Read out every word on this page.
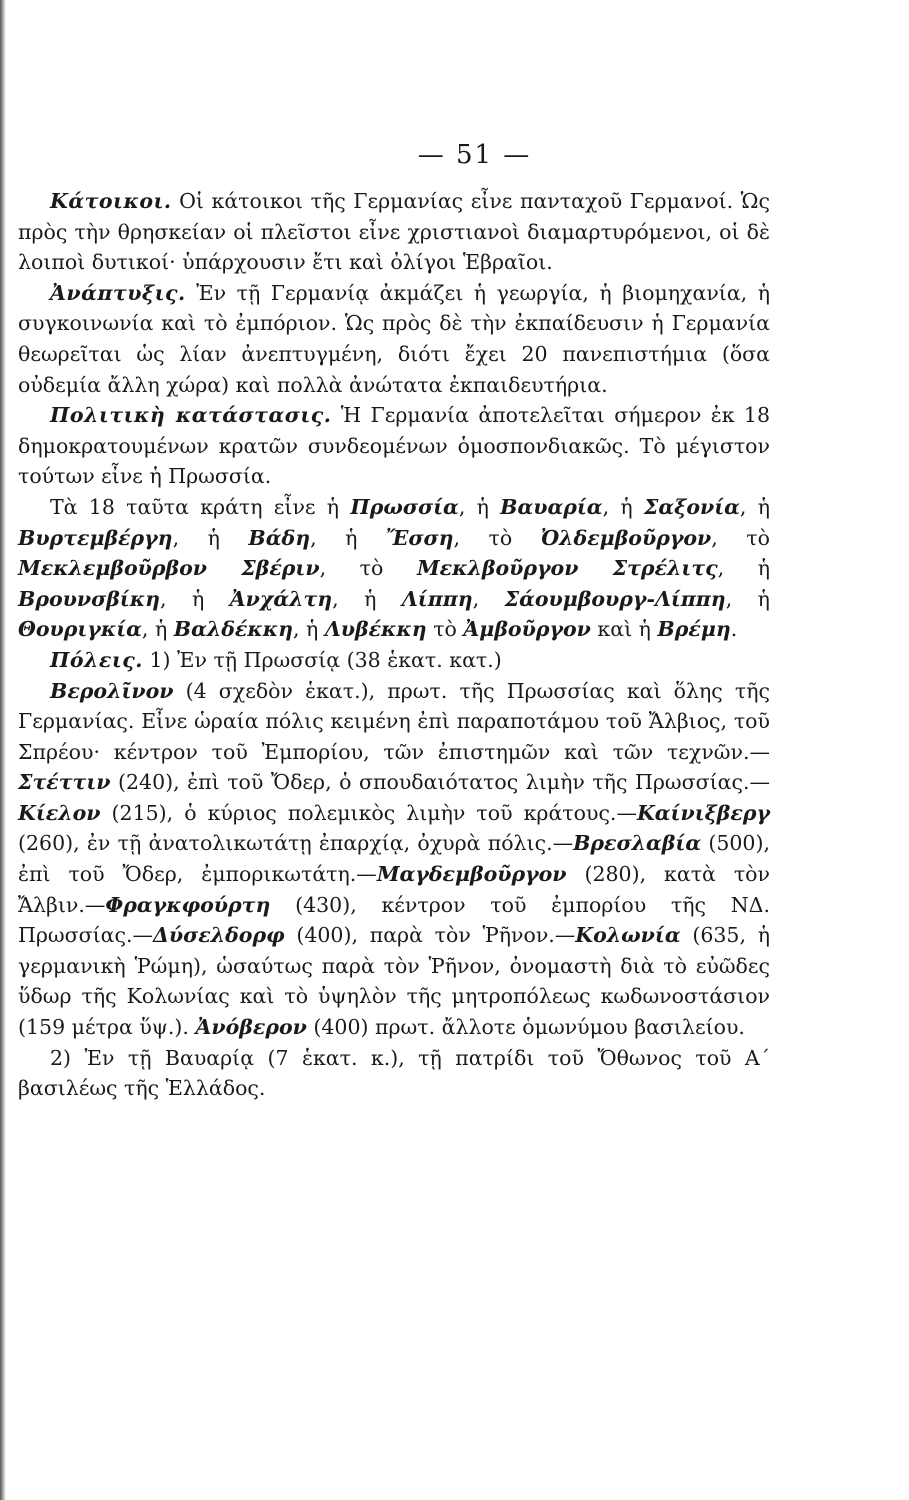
— 51 —

Κάτοικοι. Οἱ κάτοικοι τῆς Γερμανίας εἶνε πανταχοῦ Γερμανοί. Ὡς πρὸς τὴν θρησκείαν οἱ πλεῖστοι εἶνε χριστιανοὶ διαμαρτυρόμενοι, οἱ δὲ λοιποὶ δυτικοί· ὑπάρχουσιν ἔτι καὶ ὀλίγοι Ἑβραῖοι.

Ἀνάπτυξις. Ἐν τῇ Γερμανίᾳ ἀκμάζει ἡ γεωργία, ἡ βιομηχανία, ἡ συγκοινωνία καὶ τὸ ἐμπόριον. Ὡς πρὸς δὲ τὴν ἐκπαίδευσιν ἡ Γερμανία θεωρεῖται ὡς λίαν ἀνεπτυγμένη, διότι ἔχει 20 πανεπιστήμια (ὅσα οὐδεμία ἄλλη χώρα) καὶ πολλὰ ἀνώτατα ἐκπαιδευτήρια.

Πολιτικὴ κατάστασις. Ἡ Γερμανία ἀποτελεῖται σήμερον ἐκ 18 δημοκρατουμένων κρατῶν συνδεομένων ὁμοσπονδιακῶς. Τὸ μέγιστον τούτων εἶνε ἡ Πρωσσία.

Τὰ 18 ταῦτα κράτη εἶνε ἡ Πρωσσία, ἡ Βαυαρία, ἡ Σαξονία, ἡ Βυρτεμβέργη, ἡ Βάδη, ἡ Ἔσση, τὸ Ὀλδεμβοῦργον, τὸ Μεκλεμβοῦρβον Σβέριν, τὸ Μεκλβοῦργον Στρέλιτς, ἡ Βρουνσβίκη, ἡ Ἀνχάλτη, ἡ Λίππη, Σάουμβουργ-Λίππη, ἡ Θουριγκία, ἡ Βαλδέκκη, ἡ Λυβέκκη τὸ Ἀμβοῦργον καὶ ἡ Βρέμη.

Πόλεις. 1) Ἐν τῇ Πρωσσίᾳ (38 ἑκατ. κατ.)

Βερολῖνον (4 σχεδὸν ἑκατ.), πρωτ. τῆς Πρωσσίας καὶ ὅλης τῆς Γερμανίας. Εἶνε ὡραία πόλις κειμένη ἐπὶ παραποτάμου τοῦ Ἄλβιος, τοῦ Σπρέου· κέντρον τοῦ Ἐμπορίου, τῶν ἐπιστημῶν καὶ τῶν τεχνῶν.—Στέττιν (240), ἐπὶ τοῦ Ὄδερ, ὁ σπουδαιότατος λιμὴν τῆς Πρωσσίας.—Κίελον (215), ὁ κύριος πολεμικὸς λιμὴν τοῦ κράτους.—Καίνιξβεργ (260), ἐν τῇ ἀνατολικωτάτῃ ἐπαρχίᾳ, ὀχυρὰ πόλις.—Βρεσλαβία (500), ἐπὶ τοῦ Ὄδερ, ἐμπορικωτάτη.—Μαγδεμβοῦργον (280), κατὰ τὸν Ἄλβιν.—Φραγκφούρτη (430), κέντρον τοῦ ἐμπορίου τῆς ΝΔ. Πρωσσίας.—Δύσελδορφ (400), παρὰ τὸν Ῥῆνον.—Κολωνία (635, ἡ γερμανικὴ Ῥώμη), ὡσαύτως παρὰ τὸν Ῥῆνον, ὀνομαστὴ διὰ τὸ εὐῶδες ὕδωρ τῆς Κολωνίας καὶ τὸ ὑψηλὸν τῆς μητροπόλεως κωδωνοστάσιον (159 μέτρα ὕψ.). Ἀνόβερον (400) πρωτ. ἄλλοτε ὁμωνύμου βασιλείου.

2) Ἐν τῇ Βαυαρίᾳ (7 ἑκατ. κ.), τῇ πατρίδι τοῦ Ὄθωνος τοῦ Α΄ βασιλέως τῆς Ἑλλάδος.
